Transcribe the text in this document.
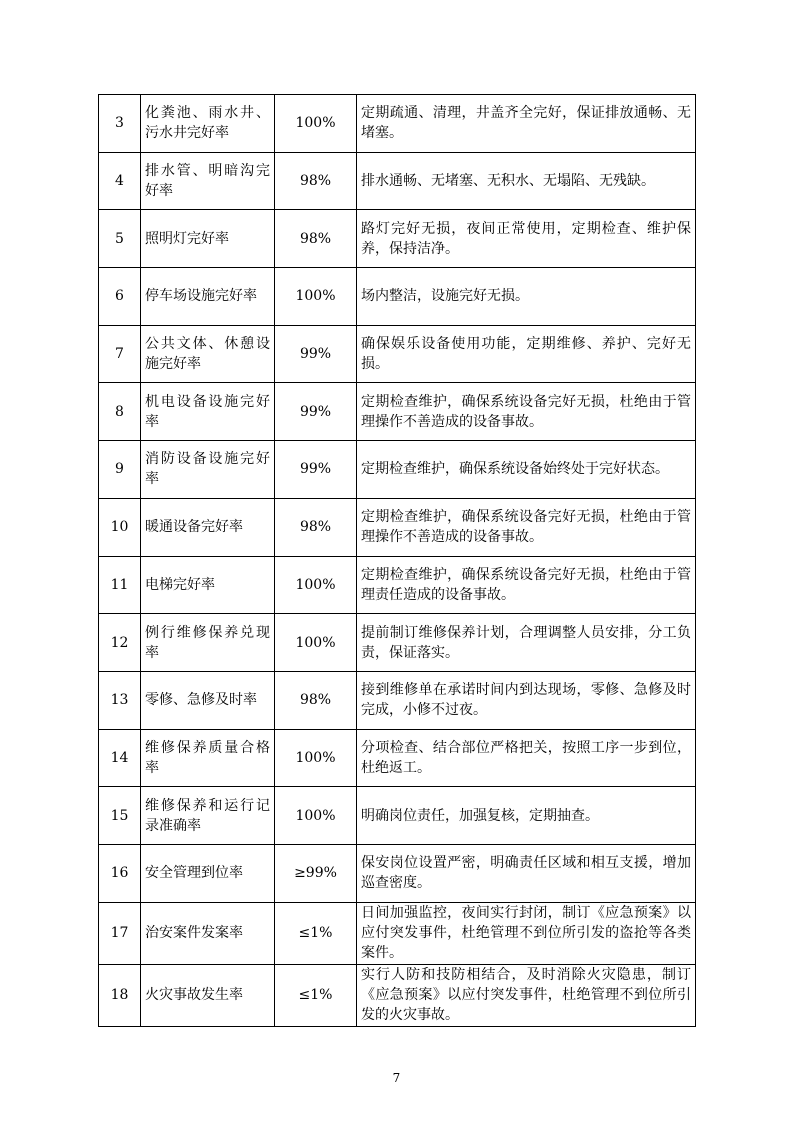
3	化粪池、雨水井、污水井完好率	100%	定期疏通、清理，井盖齐全完好，保证排放通畅、无堵塞。
4	排水管、明暗沟完好率	98%	排水通畅、无堵塞、无积水、无塌陷、无残缺。
5	照明灯完好率	98%	路灯完好无损，夜间正常使用，定期检查、维护保养，保持洁净。
6	停车场设施完好率	100%	场内整洁，设施完好无损。
7	公共文体、休憩设施完好率	99%	确保娱乐设备使用功能，定期维修、养护、完好无损。
8	机电设备设施完好率	99%	定期检查维护，确保系统设备完好无损，杜绝由于管理操作不善造成的设备事故。
9	消防设备设施完好率	99%	定期检查维护，确保系统设备始终处于完好状态。
10	暖通设备完好率	98%	定期检查维护，确保系统设备完好无损，杜绝由于管理操作不善造成的设备事故。
11	电梯完好率	100%	定期检查维护，确保系统设备完好无损，杜绝由于管理责任造成的设备事故。
12	例行维修保养兑现率	100%	提前制订维修保养计划，合理调整人员安排，分工负责，保证落实。
13	零修、急修及时率	98%	接到维修单在承诺时间内到达现场，零修、急修及时完成，小修不过夜。
14	维修保养质量合格率	100%	分项检查、结合部位严格把关，按照工序一步到位，杜绝返工。
15	维修保养和运行记录准确率	100%	明确岗位责任，加强复核，定期抽查。
16	安全管理到位率	≥99%	保安岗位设置严密，明确责任区域和相互支援，增加巡查密度。
17	治安案件发案率	≤1%	日间加强监控，夜间实行封闭，制订《应急预案》以应付突发事件，杜绝管理不到位所引发的盗抢等各类案件。
18	火灾事故发生率	≤1%	实行人防和技防相结合，及时消除火灾隐患，制订《应急预案》以应付突发事件，杜绝管理不到位所引发的火灾事故。
7
